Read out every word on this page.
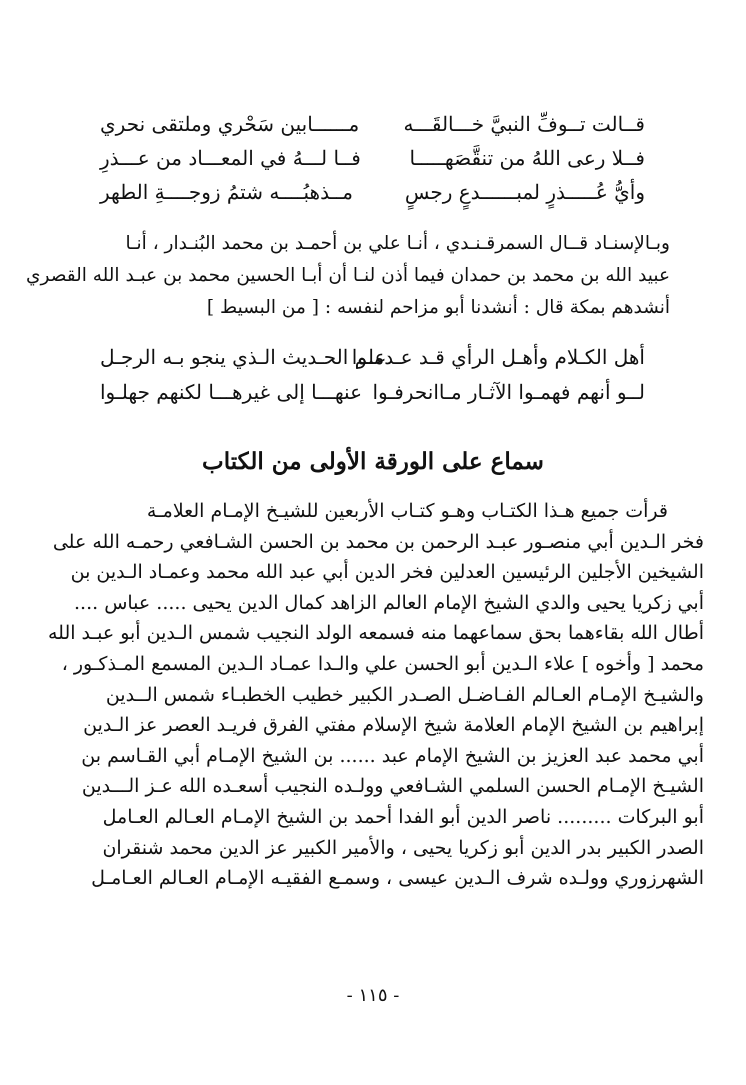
قــالت تــوفِّ النبيَّ خـــالقَـــه
مــــــابين سَحْري وملتقى نحري
فــلا رعى اللهُ من تنقَّصَهـــــا
فــا لـــهُ في المعـــاد من عـــذرِ
وأيُّ عُـــــذرٍ لمبــــــدعٍ رجسٍ
مــذهبُــــه شتمُ زوجــــةِ الطهر
وبـالإسنـاد قــال السمرقـنـدي ، أنـا علي بن أحمـد بن محمد البُنـدار ، أنـا
عبيد الله بن محمد بن حمدان فيما أذن لنـا أن أبـا الحسين محمد بن عبـد الله القصري
أنشدهم بمكة قال : أنشدنا أبو مزاحم لنفسه : [ من البسيط ]
أهل الكـلام وأهـل الرأي قـد عـدمـوا
علم الحـديث الـذي ينجو بـه الرجـل
لــو أنهم فهمـوا الآثـار مـاانحرفـوا
عنهـــا إلى غيرهـــا لكنهم جهلـوا
سماع على الورقة الأولى من الكتاب
قرأت جميع هـذا الكتـاب وهـو كتـاب الأربعين للشيـخ الإمـام العلامـة
فخر الـدين أبي منصـور عبـد الرحمن بن محمد بن الحسن الشـافعي رحمـه الله على
الشيخين الأجلين الرئيسين العدلين فخر الدين أبي عبد الله محمد وعمـاد الـدين بن
أبي زكريا يحيى والدي الشيخ الإمام العالم الزاهد كمال الدين يحيى ..... عباس ....
أطال الله بقاءهما بحق سماعهما منه فسمعه الولد النجيب شمس الـدين أبو عبـد الله
محمد [ وأخوه ] علاء الـدين أبو الحسن علي والـدا عمـاد الـدين المسمع المـذكـور ،
والشيـخ الإمـام العـالم الفـاضـل الصـدر الكبير خطيب الخطبـاء شمس الــدين
إبراهيم بن الشيخ الإمام العلامة شيخ الإسلام مفتي الفرق فريـد العصر عز الـدين
أبي محمد عبد العزيز بن الشيخ الإمام عبد ...... بن الشيخ الإمـام أبي القـاسم بن
الشيـخ الإمـام الحسن السلمي الشـافعي وولـده النجيب أسعـده الله عـز الـــدين
أبو البركات ......... ناصر الدين أبو الفدا أحمد بن الشيخ الإمـام العـالم العـامل
الصدر الكبير بدر الدين أبو زكريا يحيى ، والأمير الكبير عز الدين محمد شنقران
الشهرزوري وولـده شرف الـدين عيسى ، وسمـع الفقيـه الإمـام العـالم العـامـل
- ١١٥ -
